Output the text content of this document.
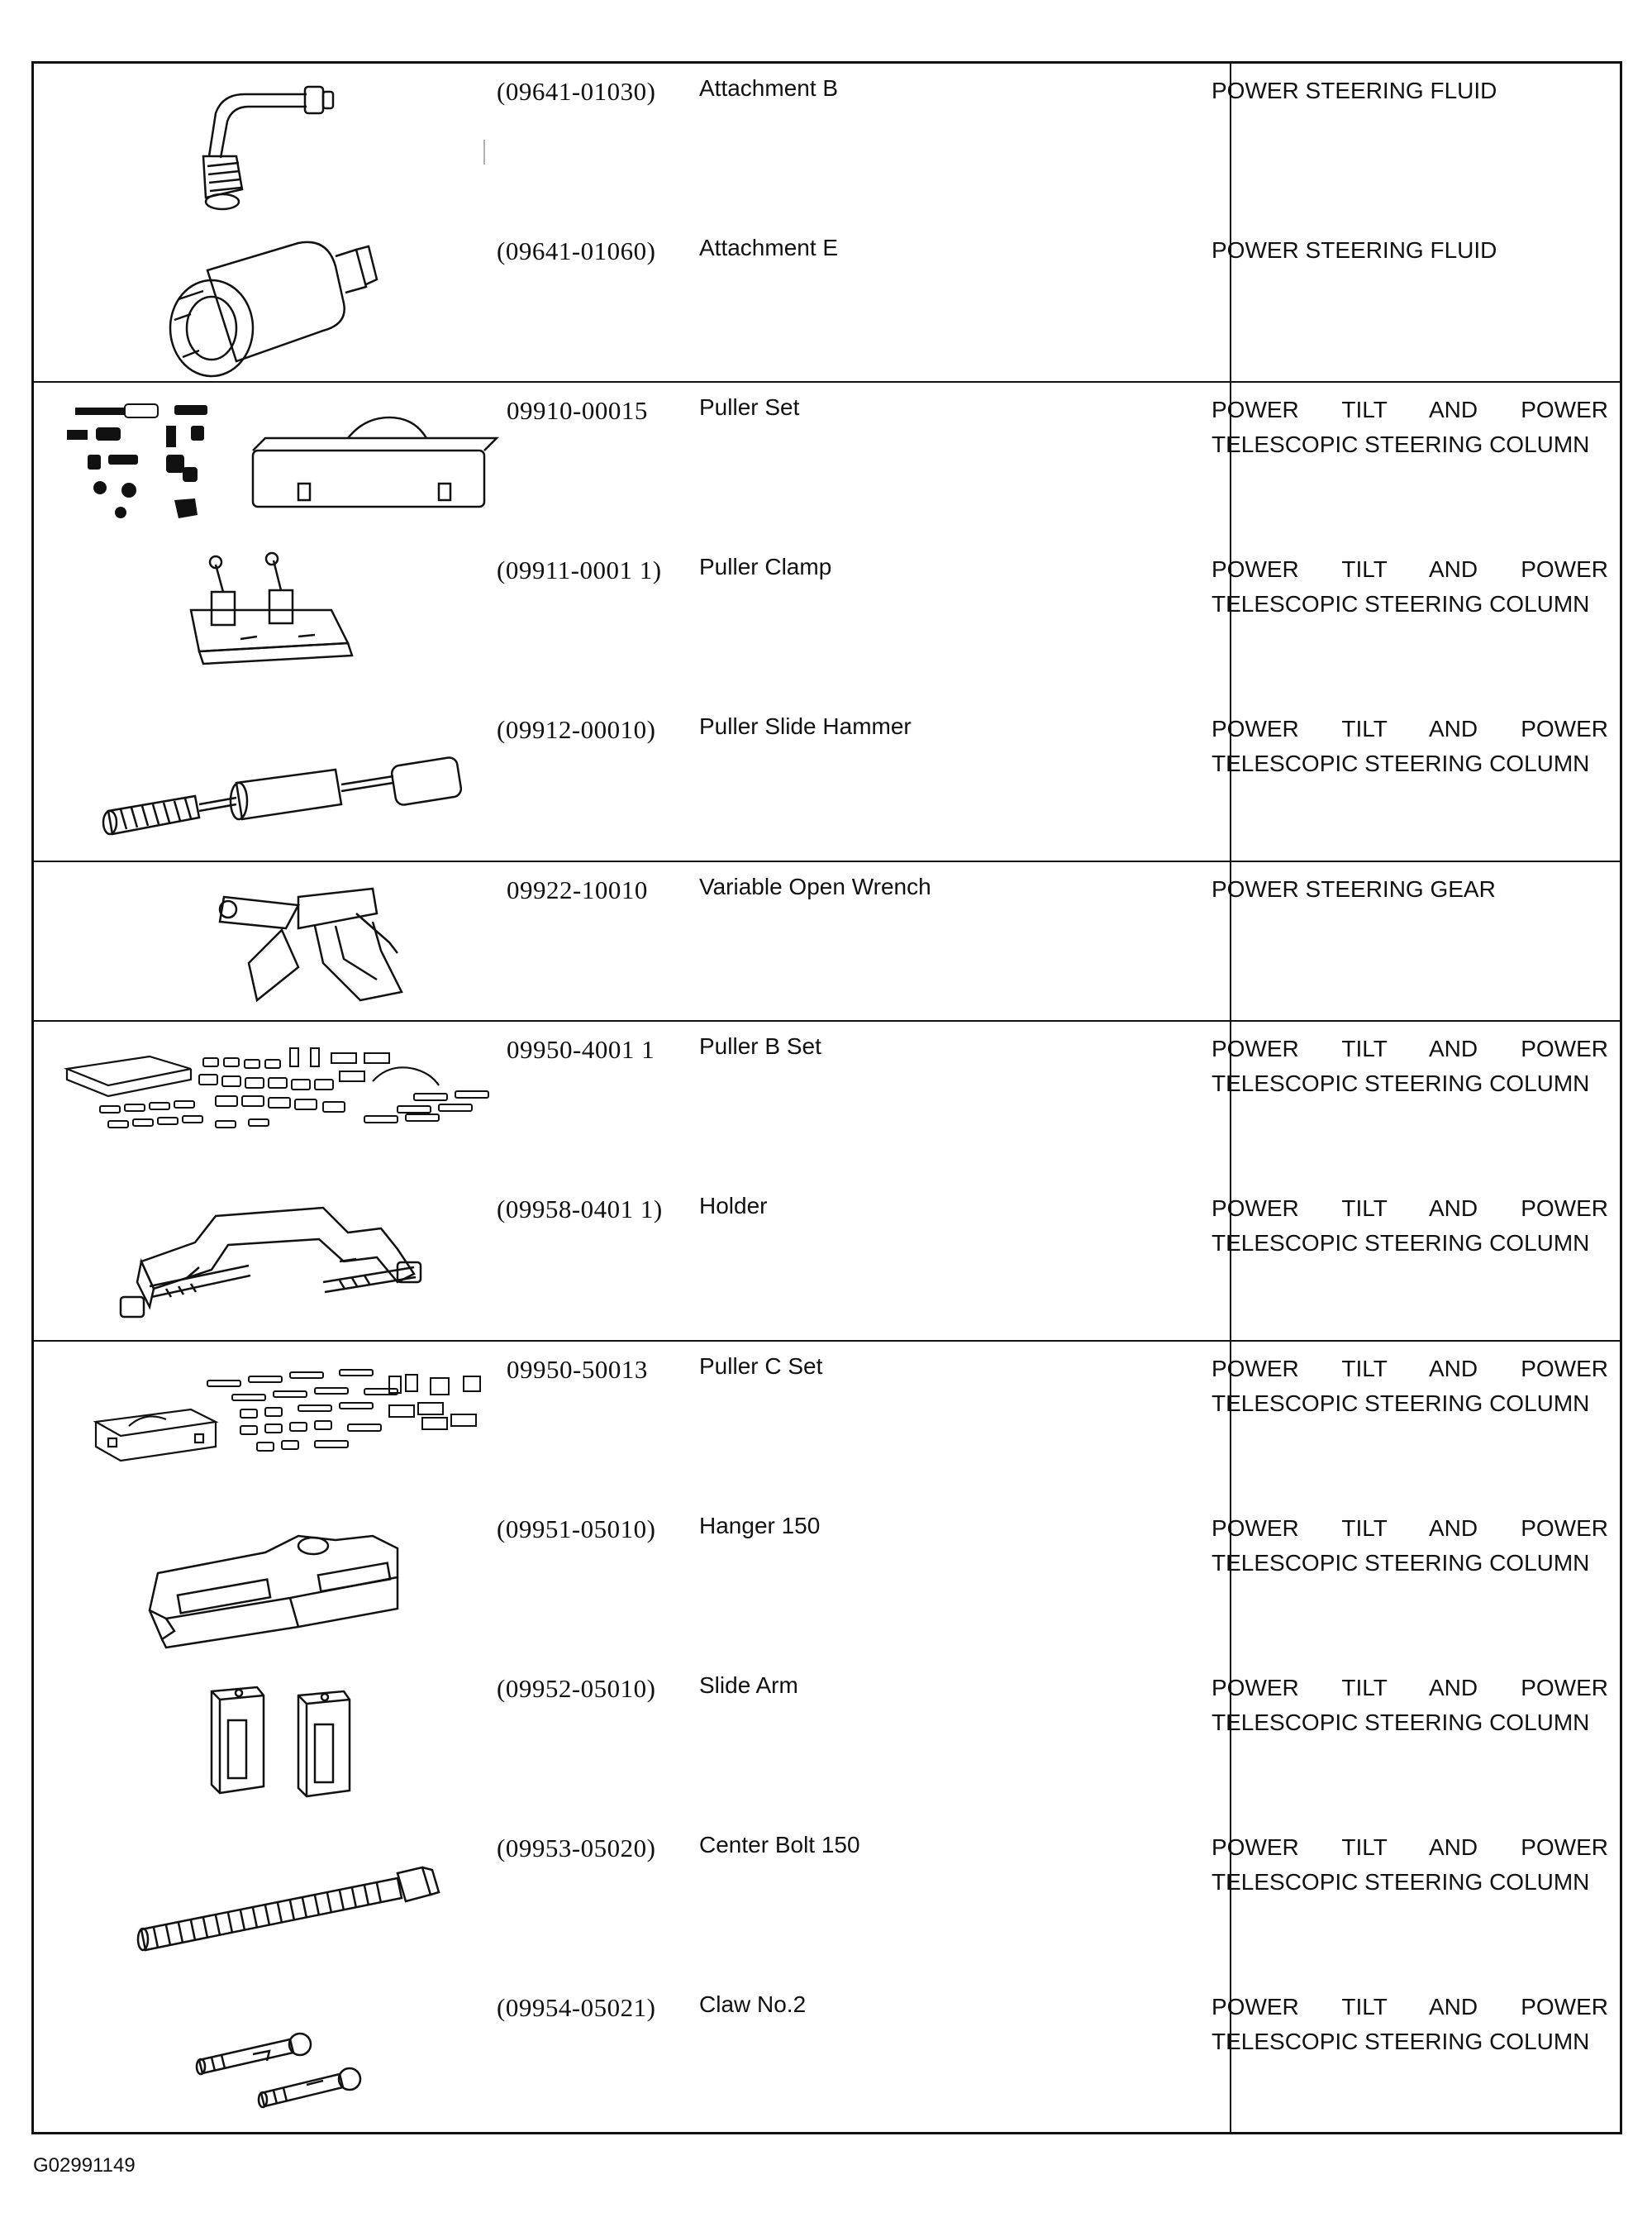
(09641-01030)	Attachment B	POWER STEERING FLUID
(09641-01060)	Attachment E	POWER STEERING FLUID
09910-00015	Puller Set	POWER TILT AND POWER
TELESCOPIC STEERING COLUMN
(09911-0001 1)	Puller Clamp	POWER TILT AND POWER
TELESCOPIC STEERING COLUMN
(09912-00010)	Puller Slide Hammer	POWER TILT AND POWER
TELESCOPIC STEERING COLUMN
09922-10010	Variable Open Wrench	POWER STEERING GEAR
09950-4001 1	Puller B Set	POWER TILT AND POWER
TELESCOPIC STEERING COLUMN
(09958-0401 1)	Holder	POWER TILT AND POWER
TELESCOPIC STEERING COLUMN
09950-50013	Puller C Set	POWER TILT AND POWER
TELESCOPIC STEERING COLUMN
(09951-05010)	Hanger 150	POWER TILT AND POWER
TELESCOPIC STEERING COLUMN
(09952-05010)	Slide Arm	POWER TILT AND POWER
TELESCOPIC STEERING COLUMN
(09953-05020)	Center Bolt 150	POWER TILT AND POWER
TELESCOPIC STEERING COLUMN
(09954-05021)	Claw No.2	POWER TILT AND POWER
TELESCOPIC STEERING COLUMN
G02991149
